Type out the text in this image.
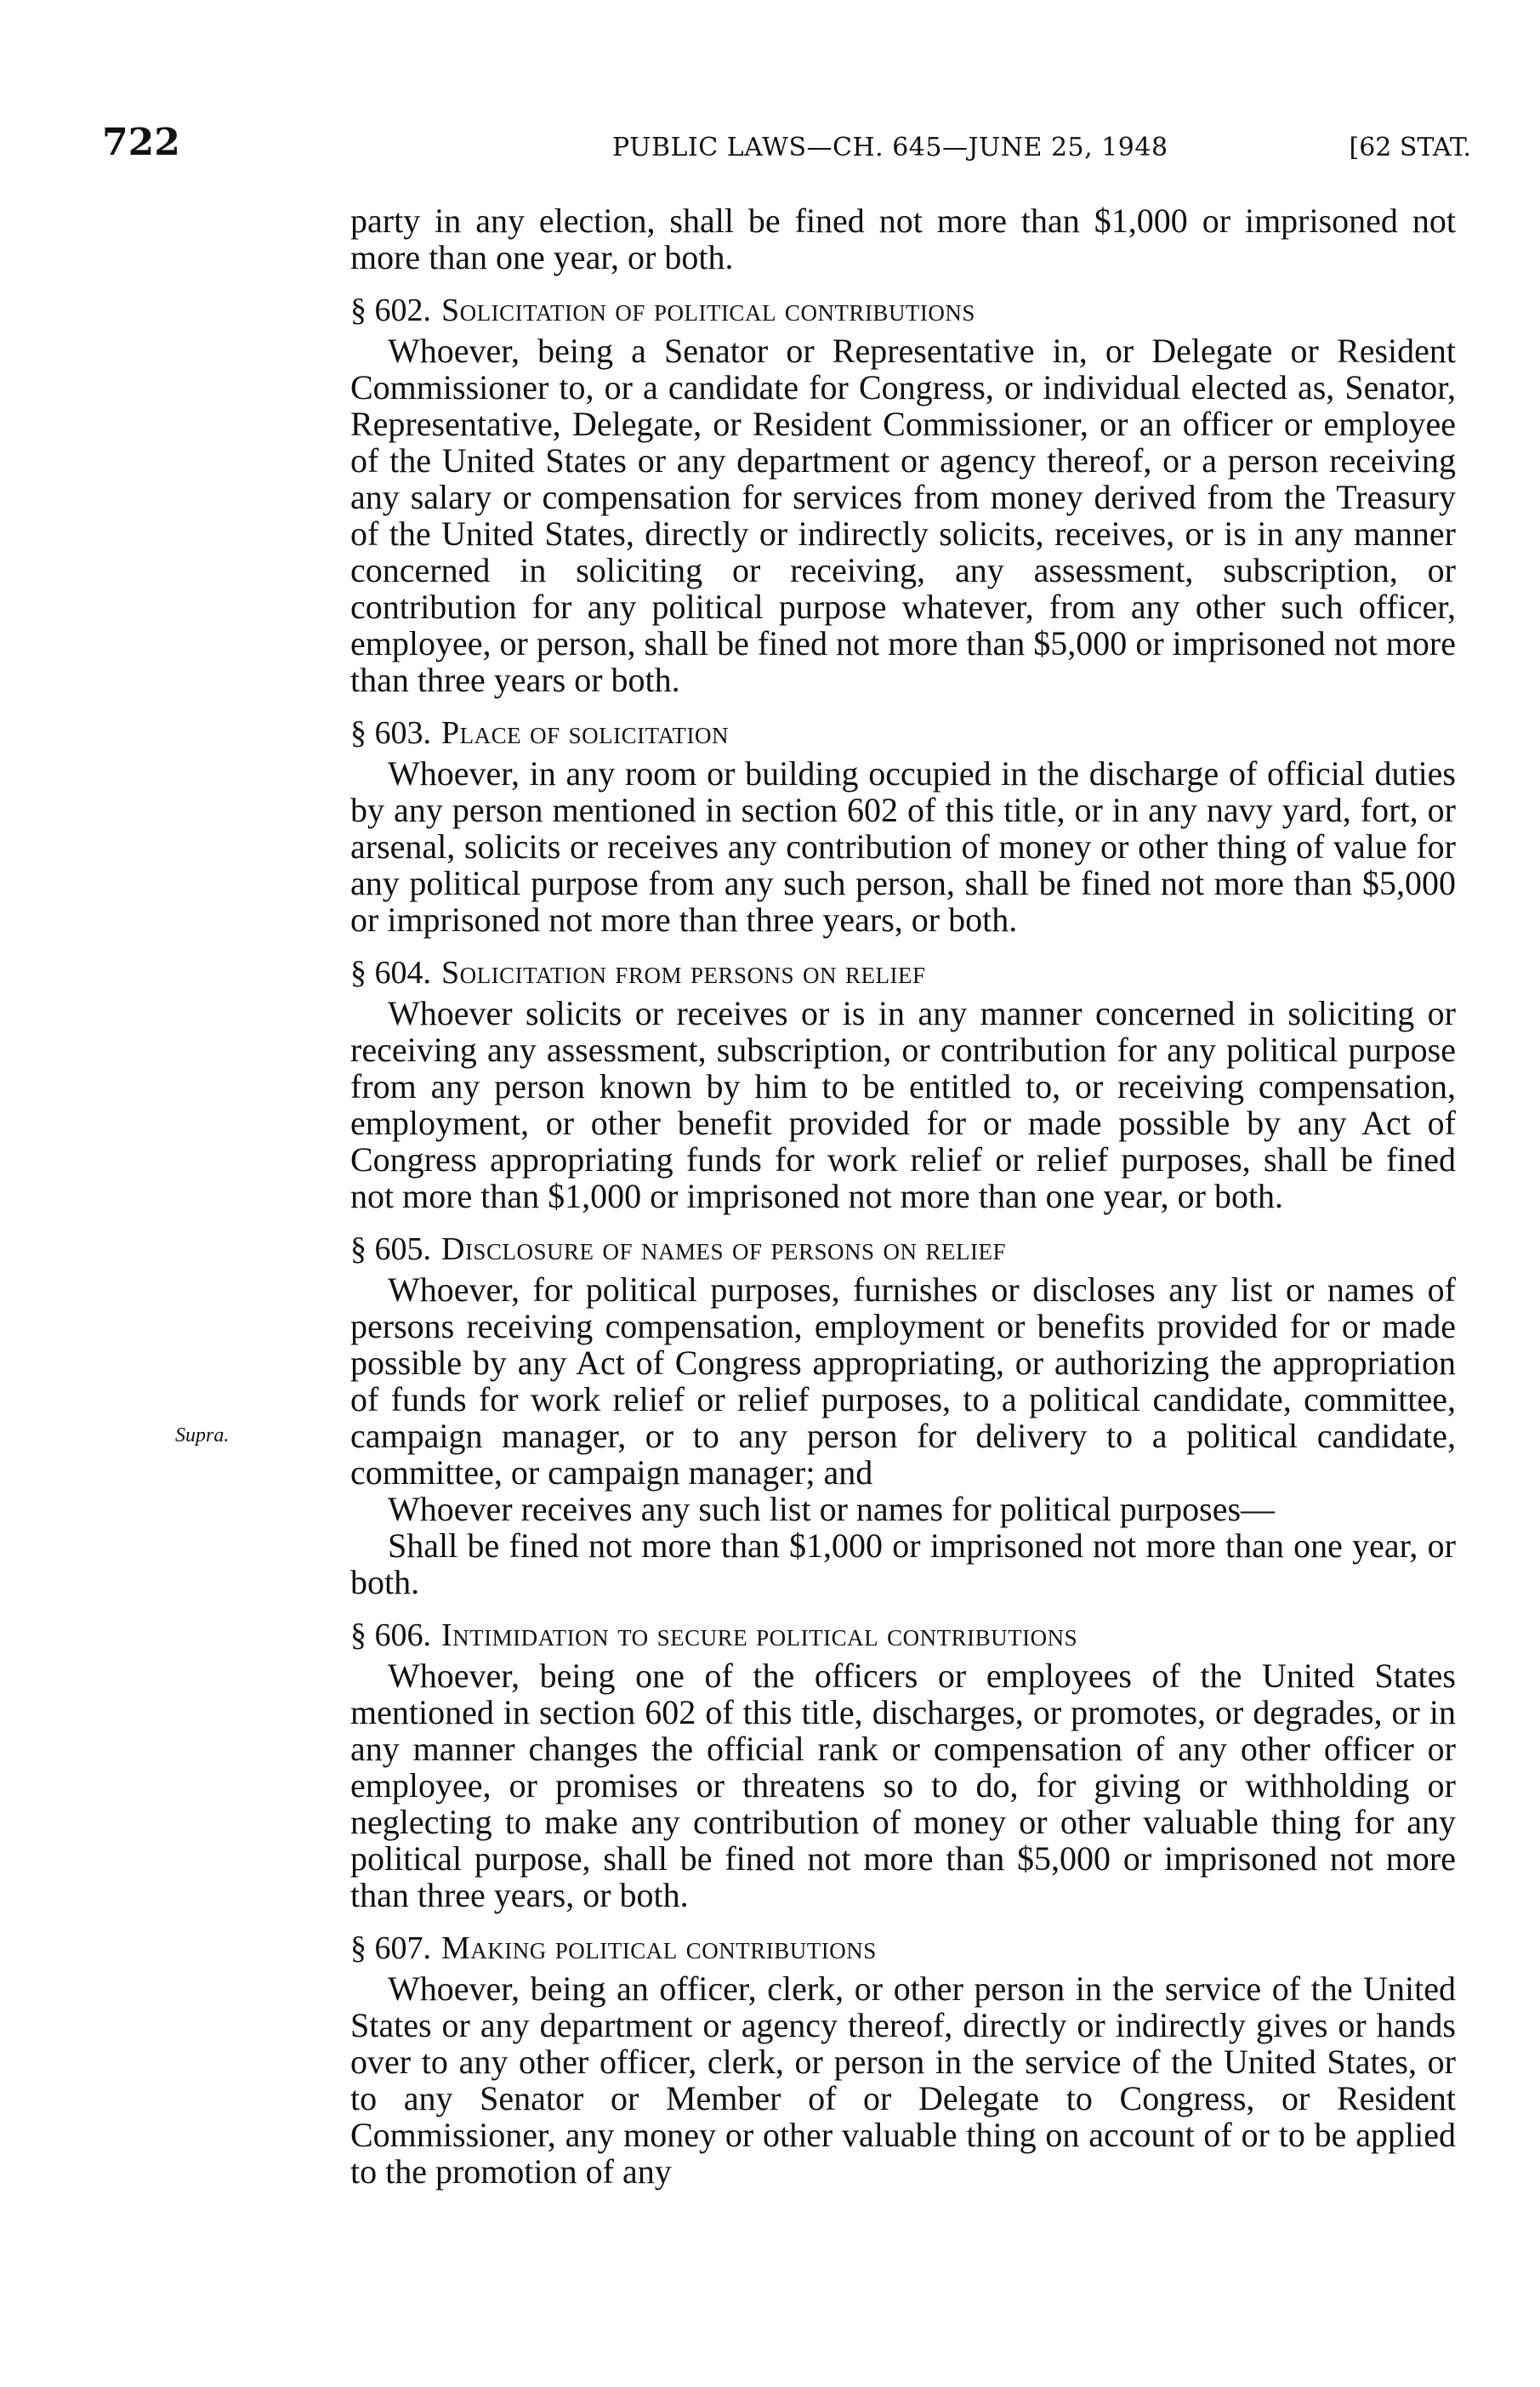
722	PUBLIC LAWS—CH. 645—JUNE 25, 1948	[62 STAT.
Supra.

party in any election, shall be fined not more than $1,000 or imprisoned not more than one year, or both.

§ 602. Solicitation of political contributions

Whoever, being a Senator or Representative in, or Delegate or Resident Commissioner to, or a candidate for Congress, or individual elected as, Senator, Representative, Delegate, or Resident Commissioner, or an officer or employee of the United States or any department or agency thereof, or a person receiving any salary or compensation for services from money derived from the Treasury of the United States, directly or indirectly solicits, receives, or is in any manner concerned in soliciting or receiving, any assessment, subscription, or contribution for any political purpose whatever, from any other such officer, employee, or person, shall be fined not more than $5,000 or imprisoned not more than three years or both.

§ 603. Place of solicitation

Whoever, in any room or building occupied in the discharge of official duties by any person mentioned in section 602 of this title, or in any navy yard, fort, or arsenal, solicits or receives any contribution of money or other thing of value for any political purpose from any such person, shall be fined not more than $5,000 or imprisoned not more than three years, or both.

§ 604. Solicitation from persons on relief

Whoever solicits or receives or is in any manner concerned in soliciting or receiving any assessment, subscription, or contribution for any political purpose from any person known by him to be entitled to, or receiving compensation, employment, or other benefit provided for or made possible by any Act of Congress appropriating funds for work relief or relief purposes, shall be fined not more than $1,000 or imprisoned not more than one year, or both.

§ 605. Disclosure of names of persons on relief

Whoever, for political purposes, furnishes or discloses any list or names of persons receiving compensation, employment or benefits provided for or made possible by any Act of Congress appropriating, or authorizing the appropriation of funds for work relief or relief purposes, to a political candidate, committee, campaign manager, or to any person for delivery to a political candidate, committee, or campaign manager; and

Whoever receives any such list or names for political purposes—

Shall be fined not more than $1,000 or imprisoned not more than one year, or both.

§ 606. Intimidation to secure political contributions

Whoever, being one of the officers or employees of the United States mentioned in section 602 of this title, discharges, or promotes, or degrades, or in any manner changes the official rank or compensation of any other officer or employee, or promises or threatens so to do, for giving or withholding or neglecting to make any contribution of money or other valuable thing for any political purpose, shall be fined not more than $5,000 or imprisoned not more than three years, or both.

§ 607. Making political contributions

Whoever, being an officer, clerk, or other person in the service of the United States or any department or agency thereof, directly or indirectly gives or hands over to any other officer, clerk, or person in the service of the United States, or to any Senator or Member of or Delegate to Congress, or Resident Commissioner, any money or other valuable thing on account of or to be applied to the promotion of any
